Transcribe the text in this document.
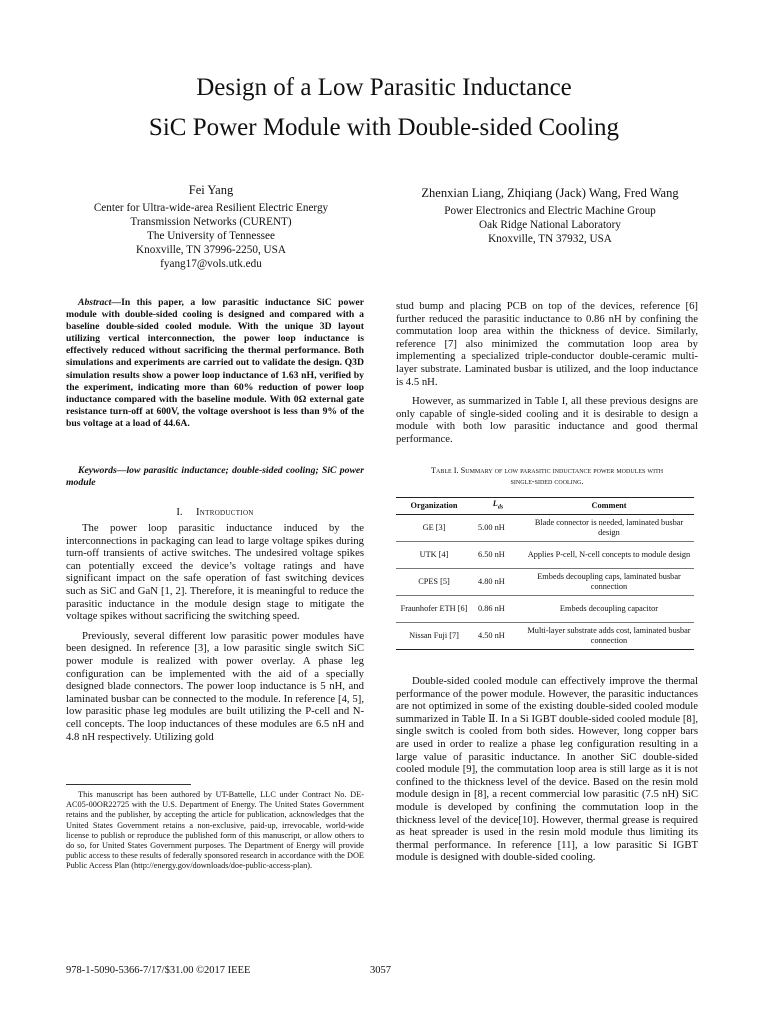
Design of a Low Parasitic Inductance
SiC Power Module with Double-sided Cooling
Fei Yang
Center for Ultra-wide-area Resilient Electric Energy
Transmission Networks (CURENT)
The University of Tennessee
Knoxville, TN 37996-2250, USA
fyang17@vols.utk.edu
Zhenxian Liang, Zhiqiang (Jack) Wang, Fred Wang
Power Electronics and Electric Machine Group
Oak Ridge National Laboratory
Knoxville, TN 37932, USA

Abstract—In this paper, a low parasitic inductance SiC power module with double-sided cooling is designed and compared with a baseline double-sided cooled module. With the unique 3D layout utilizing vertical interconnection, the power loop inductance is effectively reduced without sacrificing the thermal performance. Both simulations and experiments are carried out to validate the design. Q3D simulation results show a power loop inductance of 1.63 nH, verified by the experiment, indicating more than 60% reduction of power loop inductance compared with the baseline module. With 0Ω external gate resistance turn-off at 600V, the voltage overshoot is less than 9% of the bus voltage at a load of 44.6A.

Keywords—low parasitic inductance; double-sided cooling; SiC power module

I. Introduction

The power loop parasitic inductance induced by the interconnections in packaging can lead to large voltage spikes during turn-off transients of active switches. The undesired voltage spikes can potentially exceed the device’s voltage ratings and have significant impact on the safe operation of fast switching devices such as SiC and GaN [1, 2]. Therefore, it is meaningful to reduce the parasitic inductance in the module design stage to mitigate the voltage spikes without sacrificing the switching speed.

Previously, several different low parasitic power modules have been designed. In reference [3], a low parasitic single switch SiC power module is realized with power overlay. A phase leg configuration can be implemented with the aid of a specially designed blade connectors. The power loop inductance is 5 nH, and laminated busbar can be connected to the module. In reference [4, 5], low parasitic phase leg modules are built utilizing the P-cell and N-cell concepts. The loop inductances of these modules are 6.5 nH and 4.8 nH respectively. Utilizing gold

This manuscript has been authored by UT-Battelle, LLC under Contract No. DE-AC05-00OR22725 with the U.S. Department of Energy. The United States Government retains and the publisher, by accepting the article for publication, acknowledges that the United States Government retains a non-exclusive, paid-up, irrevocable, world-wide license to publish or reproduce the published form of this manuscript, or allow others to do so, for United States Government purposes. The Department of Energy will provide public access to these results of federally sponsored research in accordance with the DOE Public Access Plan (http://energy.gov/downloads/doe-public-access-plan).

stud bump and placing PCB on top of the devices, reference [6] further reduced the parasitic inductance to 0.86 nH by confining the commutation loop area within the thickness of device. Similarly, reference [7] also minimized the commutation loop area by implementing a specialized triple-conductor double-ceramic multi-layer substrate. Laminated busbar is utilized, and the loop inductance is 4.5 nH.

However, as summarized in Table I, all these previous designs are only capable of single-sided cooling and it is desirable to design a module with both low parasitic inductance and good thermal performance.

Table I. Summary of low parasitic inductance power modules with
single-sided cooling.
Organization	$L_{ds}$	Comment
GE [3]	5.00 nH	Blade connector is needed, laminated busbar design
UTK [4]	6.50 nH	Applies P-cell, N-cell concepts to module design
CPES [5]	4.80 nH	Embeds decoupling caps, laminated busbar connection
Fraunhofer ETH [6]	0.86 nH	Embeds decoupling capacitor
Nissan Fuji [7]	4.50 nH	Multi-layer substrate adds cost, laminated busbar connection

Double-sided cooled module can effectively improve the thermal performance of the power module. However, the parasitic inductances are not optimized in some of the existing double-sided cooled module summarized in Table Ⅱ. In a Si IGBT double-sided cooled module [8], single switch is cooled from both sides. However, long copper bars are used in order to realize a phase leg configuration resulting in a large value of parasitic inductance. In another SiC double-sided cooled module [9], the commutation loop area is still large as it is not confined to the thickness level of the device. Based on the resin mold module design in [8], a recent commercial low parasitic (7.5 nH) SiC module is developed by confining the commutation loop in the thickness level of the device[10]. However, thermal grease is required as heat spreader is used in the resin mold module thus limiting its thermal performance. In reference [11], a low parasitic Si IGBT module is designed with double-sided cooling.

978-1-5090-5366-7/17/$31.00 ©2017 IEEE	3057
